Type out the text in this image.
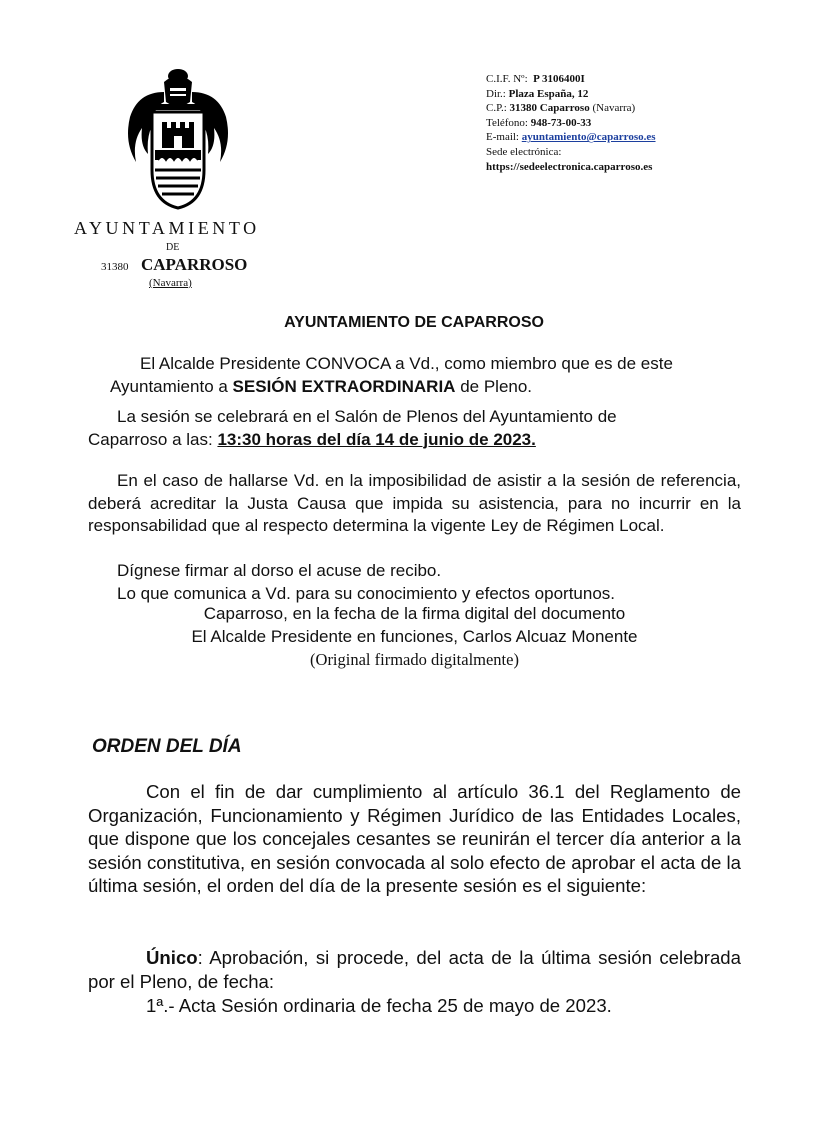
AYUNTAMIENTO
DE
31380 CAPARROSO
(Navarra)
C.I.F. Nº: P 3106400I
Dir.: Plaza España, 12
C.P.: 31380 Caparroso (Navarra)
Teléfono: 948-73-00-33
E-mail: ayuntamiento@caparroso.es
Sede electrónica:
https://sedeelectronica.caparroso.es
AYUNTAMIENTO DE CAPARROSO
El Alcalde Presidente CONVOCA a Vd., como miembro que es de este
Ayuntamiento a SESIÓN EXTRAORDINARIA de Pleno.
La sesión se celebrará en el Salón de Plenos del Ayuntamiento de
Caparroso a las: 13:30 horas del día 14 de junio de 2023.
En el caso de hallarse Vd. en la imposibilidad de asistir a la sesión de referencia, deberá acreditar la Justa Causa que impida su asistencia, para no incurrir en la responsabilidad que al respecto determina la vigente Ley de Régimen Local.
Dígnese firmar al dorso el acuse de recibo.
Lo que comunica a Vd. para su conocimiento y efectos oportunos.
Caparroso, en la fecha de la firma digital del documento
El Alcalde Presidente en funciones, Carlos Alcuaz Monente
(Original firmado digitalmente)
ORDEN DEL DÍA
Con el fin de dar cumplimiento al artículo 36.1 del Reglamento de Organización, Funcionamiento y Régimen Jurídico de las Entidades Locales, que dispone que los concejales cesantes se reunirán el tercer día anterior a la sesión constitutiva, en sesión convocada al solo efecto de aprobar el acta de la última sesión, el orden del día de la presente sesión es el siguiente:
Único: Aprobación, si procede, del acta de la última sesión celebrada por el Pleno, de fecha:
1ª.- Acta Sesión ordinaria de fecha 25 de mayo de 2023.
